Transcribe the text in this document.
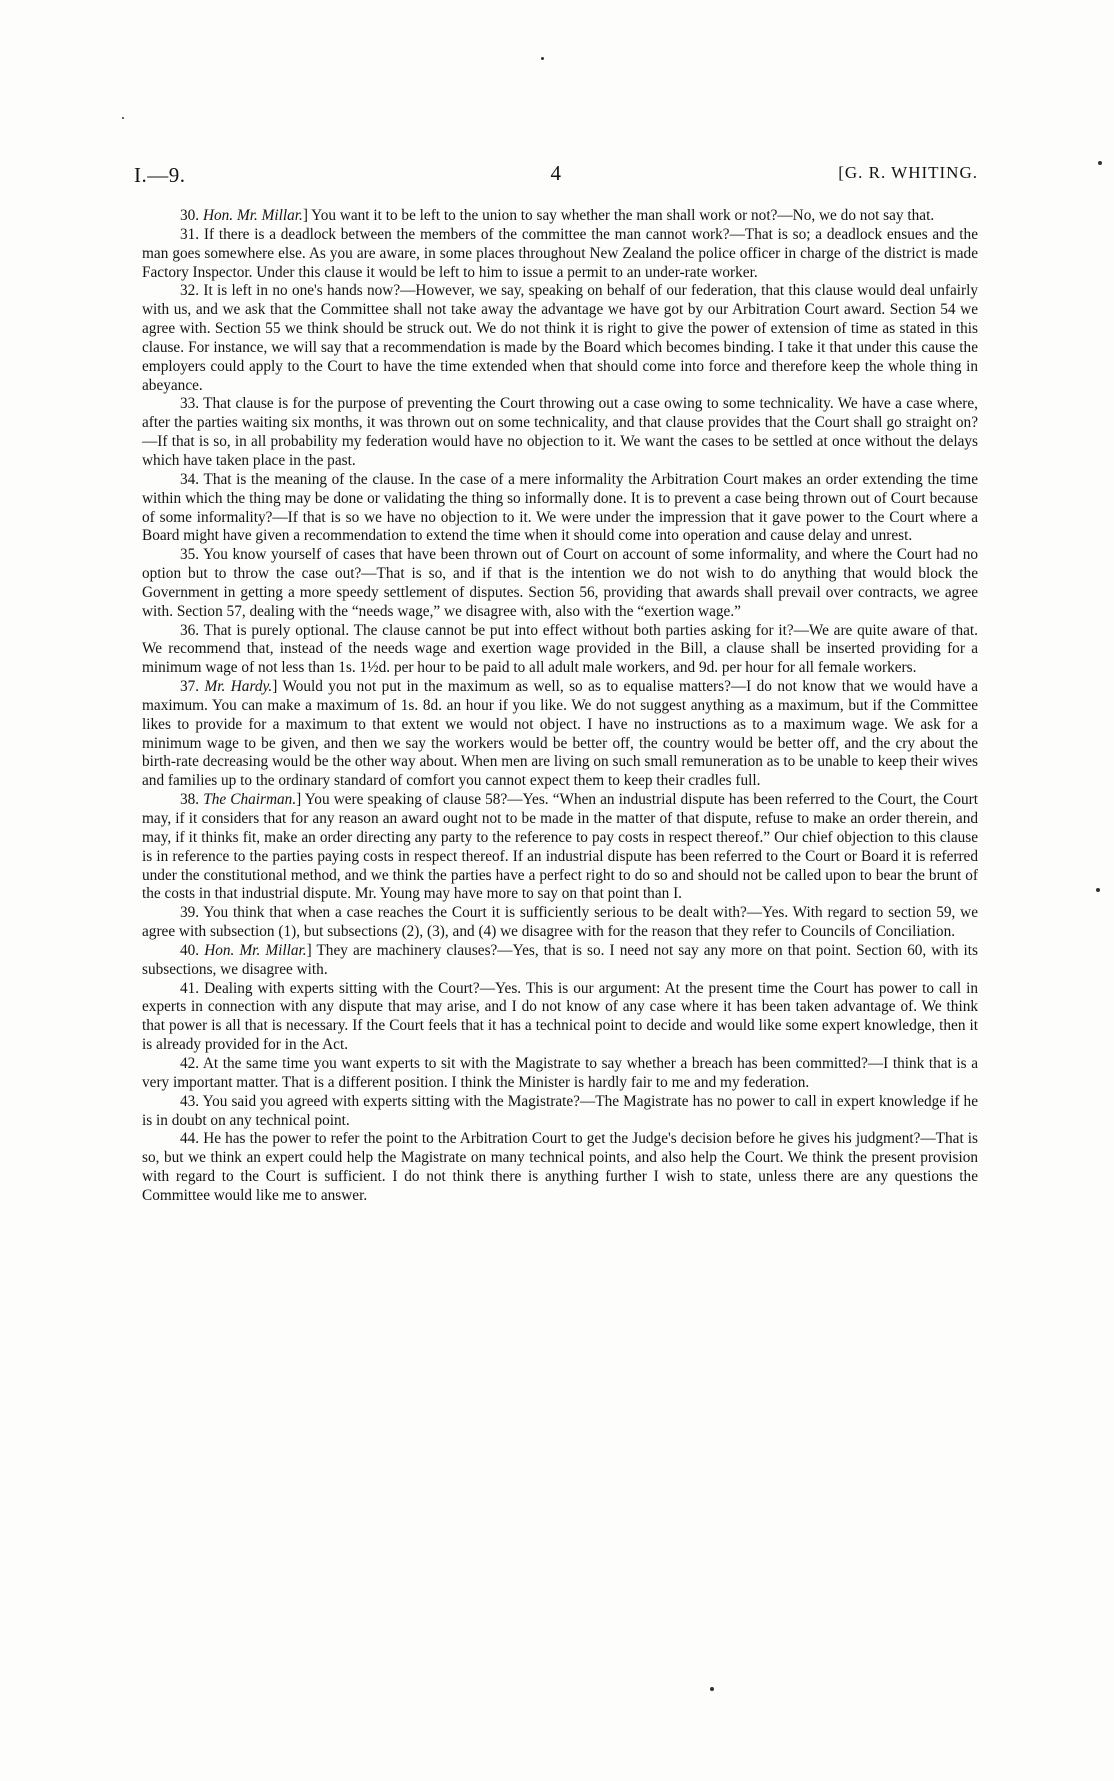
I.—9.	4	[G. R. WHITING.

30. Hon. Mr. Millar.] You want it to be left to the union to say whether the man shall work or not?—No, we do not say that.

31. If there is a deadlock between the members of the committee the man cannot work?—That is so; a deadlock ensues and the man goes somewhere else. As you are aware, in some places throughout New Zealand the police officer in charge of the district is made Factory Inspector. Under this clause it would be left to him to issue a permit to an under-rate worker.

32. It is left in no one's hands now?—However, we say, speaking on behalf of our federation, that this clause would deal unfairly with us, and we ask that the Committee shall not take away the advantage we have got by our Arbitration Court award. Section 54 we agree with. Section 55 we think should be struck out. We do not think it is right to give the power of extension of time as stated in this clause. For instance, we will say that a recommendation is made by the Board which becomes binding. I take it that under this cause the employers could apply to the Court to have the time extended when that should come into force and therefore keep the whole thing in abeyance.

33. That clause is for the purpose of preventing the Court throwing out a case owing to some technicality. We have a case where, after the parties waiting six months, it was thrown out on some technicality, and that clause provides that the Court shall go straight on?—If that is so, in all probability my federation would have no objection to it. We want the cases to be settled at once without the delays which have taken place in the past.

34. That is the meaning of the clause. In the case of a mere informality the Arbitration Court makes an order extending the time within which the thing may be done or validating the thing so informally done. It is to prevent a case being thrown out of Court because of some informality?—If that is so we have no objection to it. We were under the impression that it gave power to the Court where a Board might have given a recommendation to extend the time when it should come into operation and cause delay and unrest.

35. You know yourself of cases that have been thrown out of Court on account of some informality, and where the Court had no option but to throw the case out?—That is so, and if that is the intention we do not wish to do anything that would block the Government in getting a more speedy settlement of disputes. Section 56, providing that awards shall prevail over contracts, we agree with. Section 57, dealing with the “needs wage,” we disagree with, also with the “exertion wage.”

36. That is purely optional. The clause cannot be put into effect without both parties asking for it?—We are quite aware of that. We recommend that, instead of the needs wage and exertion wage provided in the Bill, a clause shall be inserted providing for a minimum wage of not less than 1s. 1½d. per hour to be paid to all adult male workers, and 9d. per hour for all female workers.

37. Mr. Hardy.] Would you not put in the maximum as well, so as to equalise matters?—I do not know that we would have a maximum. You can make a maximum of 1s. 8d. an hour if you like. We do not suggest anything as a maximum, but if the Committee likes to provide for a maximum to that extent we would not object. I have no instructions as to a maximum wage. We ask for a minimum wage to be given, and then we say the workers would be better off, the country would be better off, and the cry about the birth-rate decreasing would be the other way about. When men are living on such small remuneration as to be unable to keep their wives and families up to the ordinary standard of comfort you cannot expect them to keep their cradles full.

38. The Chairman.] You were speaking of clause 58?—Yes. “When an industrial dispute has been referred to the Court, the Court may, if it considers that for any reason an award ought not to be made in the matter of that dispute, refuse to make an order therein, and may, if it thinks fit, make an order directing any party to the reference to pay costs in respect thereof.” Our chief objection to this clause is in reference to the parties paying costs in respect thereof. If an industrial dispute has been referred to the Court or Board it is referred under the constitutional method, and we think the parties have a perfect right to do so and should not be called upon to bear the brunt of the costs in that industrial dispute. Mr. Young may have more to say on that point than I.

39. You think that when a case reaches the Court it is sufficiently serious to be dealt with?—Yes. With regard to section 59, we agree with subsection (1), but subsections (2), (3), and (4) we disagree with for the reason that they refer to Councils of Conciliation.

40. Hon. Mr. Millar.] They are machinery clauses?—Yes, that is so. I need not say any more on that point. Section 60, with its subsections, we disagree with.

41. Dealing with experts sitting with the Court?—Yes. This is our argument: At the present time the Court has power to call in experts in connection with any dispute that may arise, and I do not know of any case where it has been taken advantage of. We think that power is all that is necessary. If the Court feels that it has a technical point to decide and would like some expert knowledge, then it is already provided for in the Act.

42. At the same time you want experts to sit with the Magistrate to say whether a breach has been committed?—I think that is a very important matter. That is a different position. I think the Minister is hardly fair to me and my federation.

43. You said you agreed with experts sitting with the Magistrate?—The Magistrate has no power to call in expert knowledge if he is in doubt on any technical point.

44. He has the power to refer the point to the Arbitration Court to get the Judge's decision before he gives his judgment?—That is so, but we think an expert could help the Magistrate on many technical points, and also help the Court. We think the present provision with regard to the Court is sufficient. I do not think there is anything further I wish to state, unless there are any questions the Committee would like me to answer.
